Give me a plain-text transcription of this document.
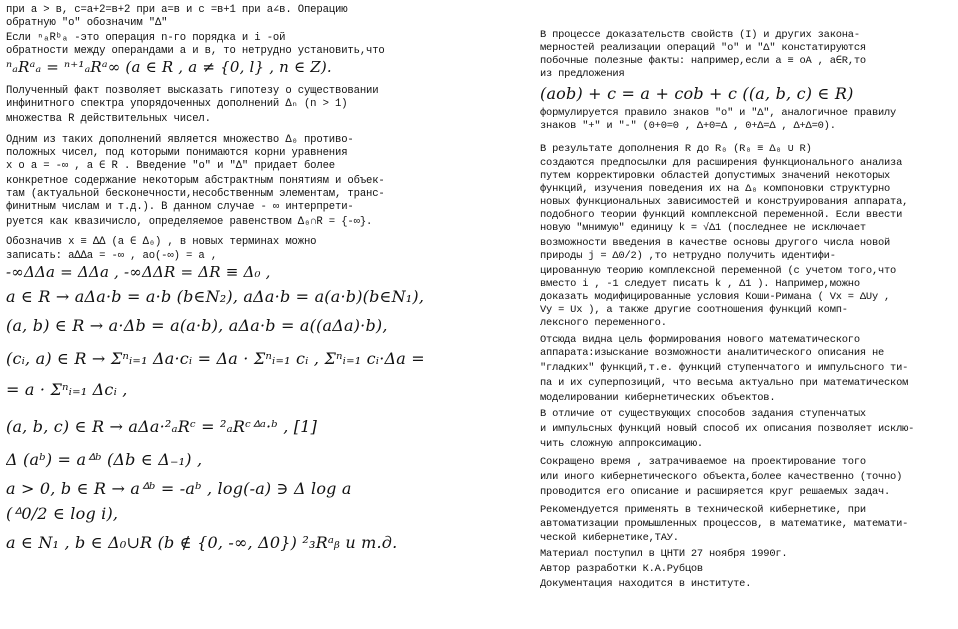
при a > в, c=a+2=в+2 при a=в и c =в+1 при a∠в. Операцию
обратную "o" обозначим "Δ"
Если ⁿₐRᵇₐ -это операция n-го порядка и i -ой
обратности между операндами а и в, то нетрудно установить,что
ⁿₐRᵃₐ = ⁿ⁺¹ₐRᵃ∞ (a ∈ R , a ≠ {0, l} , n ∈ Z).
Полученный факт позволяет высказать гипотезу о существовании
инфинитного спектра упорядоченных дополнений Δₙ (n > 1)
множества R действительных чисел.
Одним из таких дополнений является множество Δ₀ противо-
положных чисел, под которыми понимаются корни уравнения
x o a = -∞ , a ∈ R . Введение "o" и "Δ" придает более
конкретное содержание некоторым абстрактным понятиям и объек-
там (актуальной бесконечности,несобственным элементам, транс-
финитным числам и т.д.). В данном случае - ∞ интерпрети-
руется как квазичисло, определяемое равенством Δ₀∩R = {-∞}.
Обозначив x ≡ ΔΔ (a ∈ Δ₀) , в новых терминах можно
записать: aΔΔa = -∞ , ao(-∞) = a ,
-∞ΔΔa = ΔΔa , -∞ΔΔR = ΔR ≡ Δ₀ ,
a ∈ R → aΔa·b = a·b (b∈N₂), aΔa·b = a(a·b)(b∈N₁),
(a, b) ∈ R → a·Δb = a(a·b), aΔa·b = a((aΔa)·b),
(cᵢ, a) ∈ R → Σⁿᵢ₌₁ Δa·cᵢ = Δa · Σⁿᵢ₌₁ cᵢ , Σⁿᵢ₌₁ cᵢ·Δa =
= a · Σⁿᵢ₌₁ Δcᵢ ,
(a, b, c) ∈ R → aΔa·²ₐRᶜ = ²ₐRᶜᐞᵃ·ᵇ , [1]
Δ (aᵇ) = aᐞᵇ (Δb ∈ Δ₋₁) ,
a > 0, b ∈ R → aᐞᵇ = -aᵇ , log(-a) ∋ Δ log a
(ᐞ0/2 ∈ log i),
a ∈ N₁ , b ∈ Δ₀∪R (b ∉ {0, -∞, Δ0}) ²₃Rᵃᵦ и т.д.
В процессе доказательств свойств (I) и других закона-
мерностей реализации операций "o" и "Δ" констатируются
побочные полезные факты: например,если a ≡ oA , a∈R,то
из предложения
(aob) + c = a + cob + c ((a, b, c) ∈ R)
формулируется правило знаков "o" и "Δ", аналогичное правилу
знаков "+" и "-" (0+0=0 , Δ+0=Δ , 0+Δ=Δ , Δ+Δ=0).
В результате дополнения R до R₀ (R₀ ≡ Δ₀ ∪ R)
создаются предпосылки для расширения функционального анализа
путем корректировки областей допустимых значений некоторых
функций, изучения поведения их на Δ₀ компоновки структурно
новых функциональных зависимостей и конструирования аппарата,
подобного теории функций комплексной переменной. Если ввести
новую "мнимую" единицу k = √Δ1 (последнее не исключает
возможности введения в качестве основы другого числа новой
природы j = Δ0/2) ,то нетрудно получить идентифи-
цированную теорию комплексной переменной (с учетом того,что
вместо i , -1 следует писать k , Δ1 ). Например,можно
доказать модифицированные условия Коши-Римана ( Vx = ΔUy ,
Vy = Ux ), а также другие соотношения функций комп-
лексного переменного.
Отсюда видна цель формирования нового математического
аппарата:изыскание возможности аналитического описания не
"гладких" функций,т.е. функций ступенчатого и импульсного ти-
па и их суперпозиций, что весьма актуально при математическом
моделировании кибернетических объектов.
В отличие от существующих способов задания ступенчатых
и импульсных функций новый способ их описания позволяет исклю-
чить сложную аппроксимацию.
Сокращено время , затрачиваемое на проектирование того
или иного кибернетического объекта,более качественно (точно)
проводится его описание и расширяется круг решаемых задач.
Рекомендуется применять в технической кибернетике, при
автоматизации промышленных процессов, в математике, математи-
ческой кибернетике,ТАУ.
Материал поступил в ЦНТИ 27 ноября 1990г.
Автор разработки К.А.Рубцов
Документация находится в институте.
